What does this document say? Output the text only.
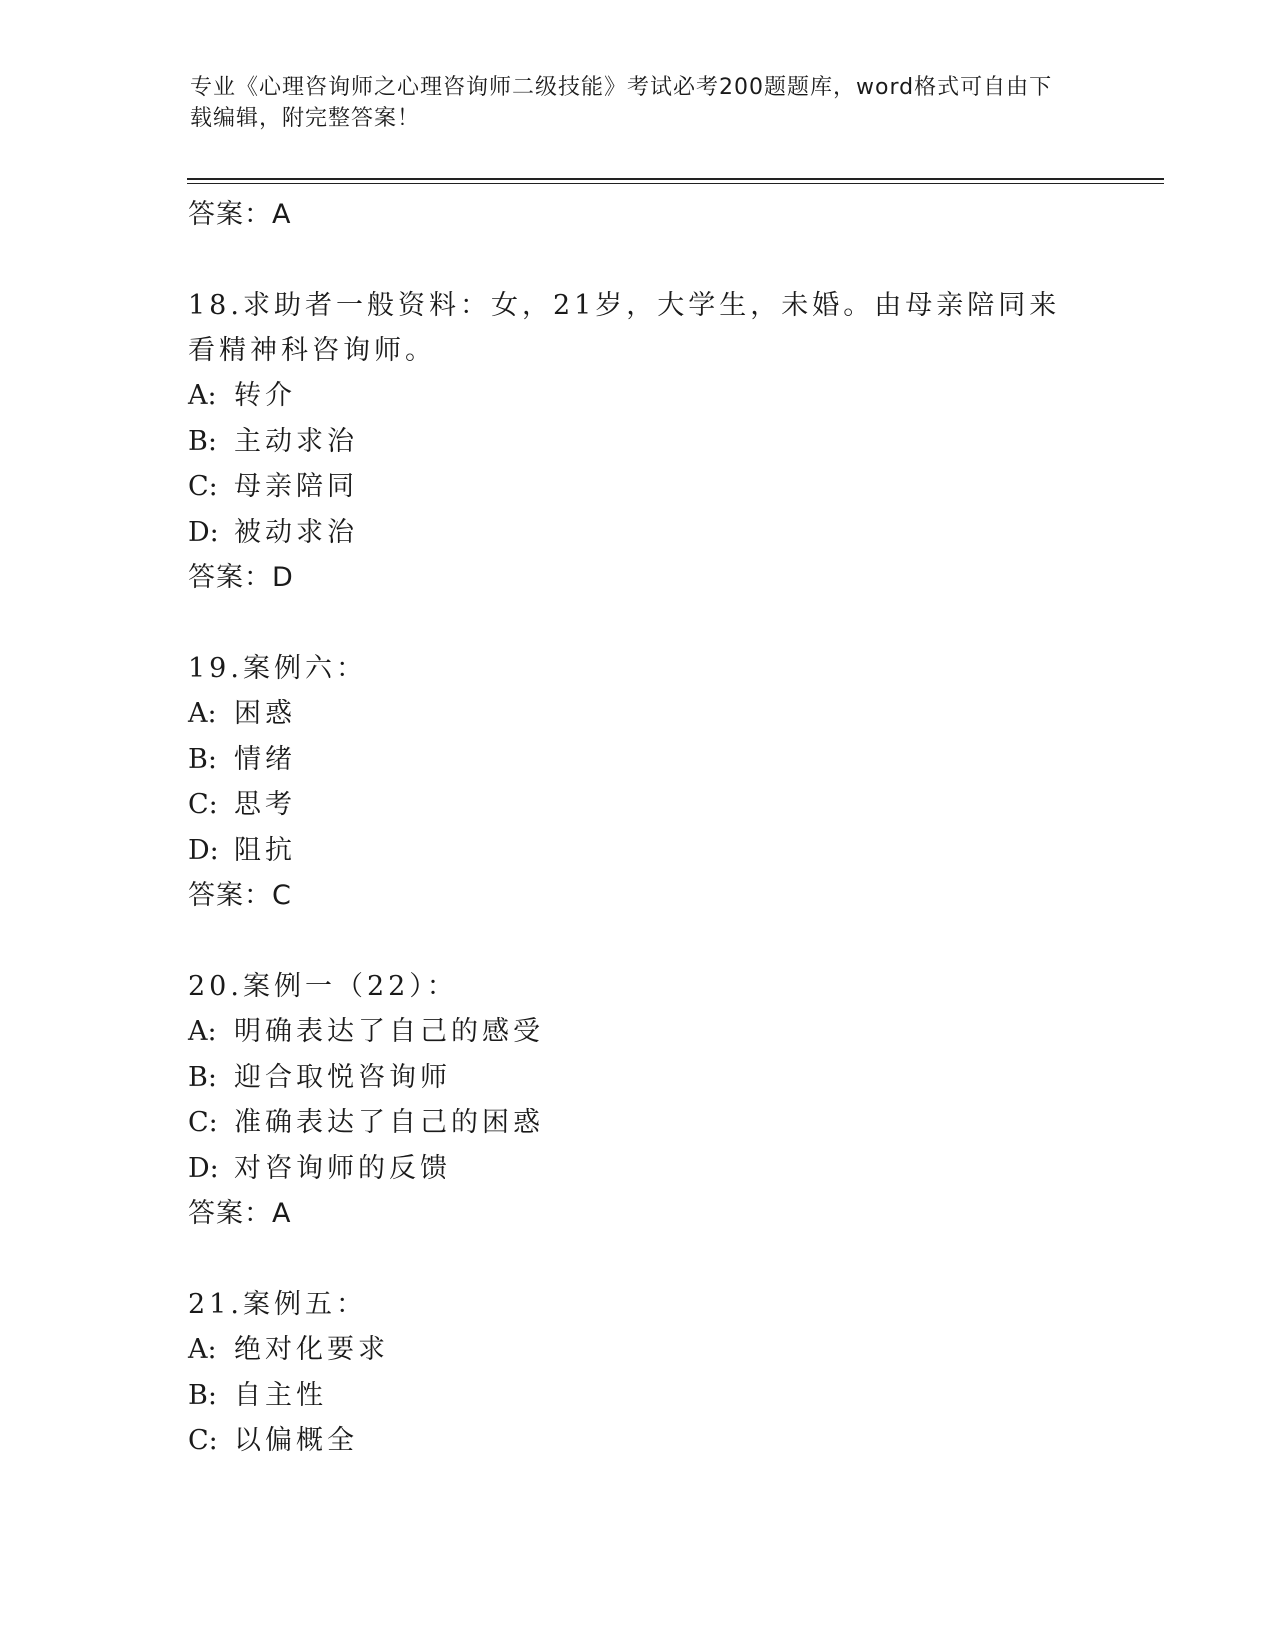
专业《心理咨询师之心理咨询师二级技能》考试必考200题题库，word格式可自由下载编辑，附完整答案！
答案：A
18.求助者一般资料：女，21岁，大学生，未婚。由母亲陪同来看精神科咨询师。
A: 转介
B: 主动求治
C: 母亲陪同
D: 被动求治
答案：D
19.案例六：
A: 困惑
B: 情绪
C: 思考
D: 阻抗
答案：C
20.案例一（22）：
A: 明确表达了自己的感受
B: 迎合取悦咨询师
C: 准确表达了自己的困惑
D: 对咨询师的反馈
答案：A
21.案例五：
A: 绝对化要求
B: 自主性
C: 以偏概全
